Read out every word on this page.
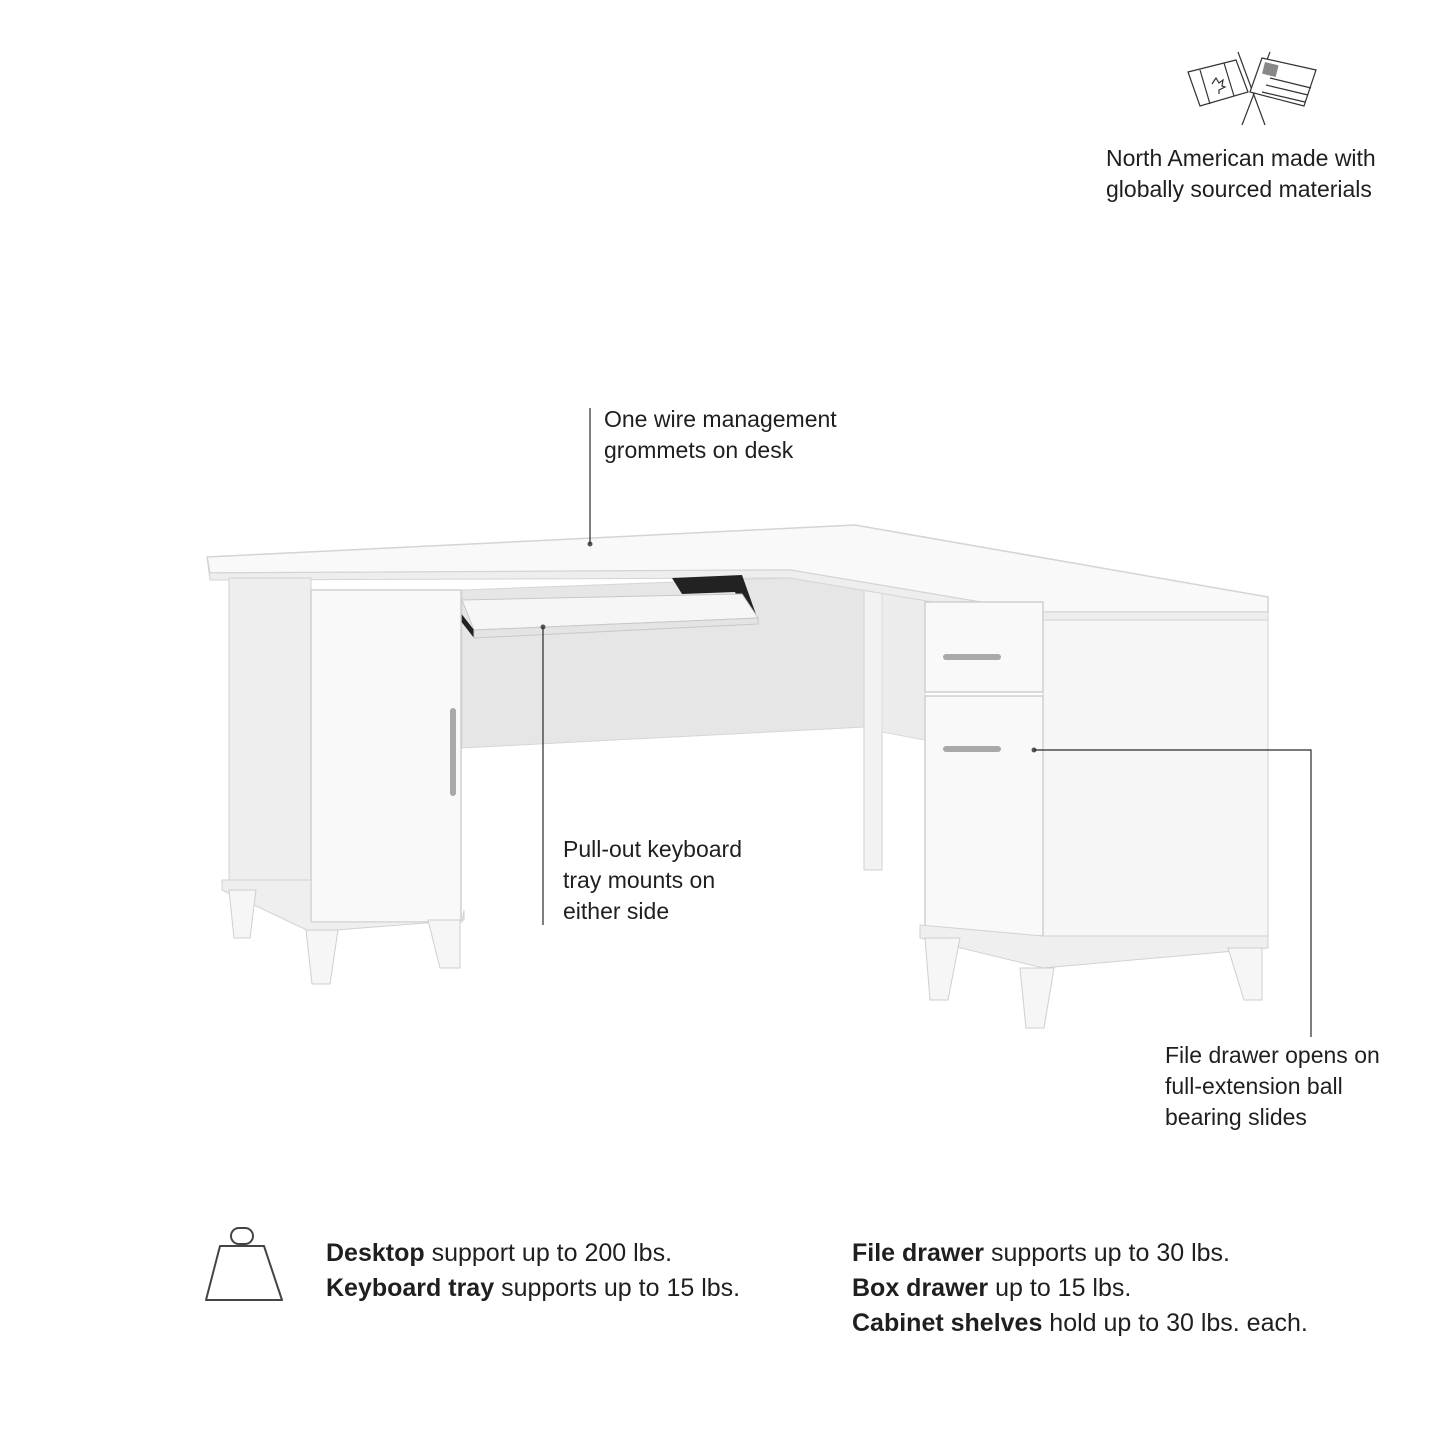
North American made with
globally sourced materials
One wire management
grommets on desk
Pull-out keyboard
tray mounts on
either side
File drawer opens on
full-extension ball
bearing slides
Desktop support up to 200 lbs.
Keyboard tray supports up to 15 lbs.
File drawer supports up to 30 lbs.
Box drawer up to 15 lbs.
Cabinet shelves hold up to 30 lbs. each.
